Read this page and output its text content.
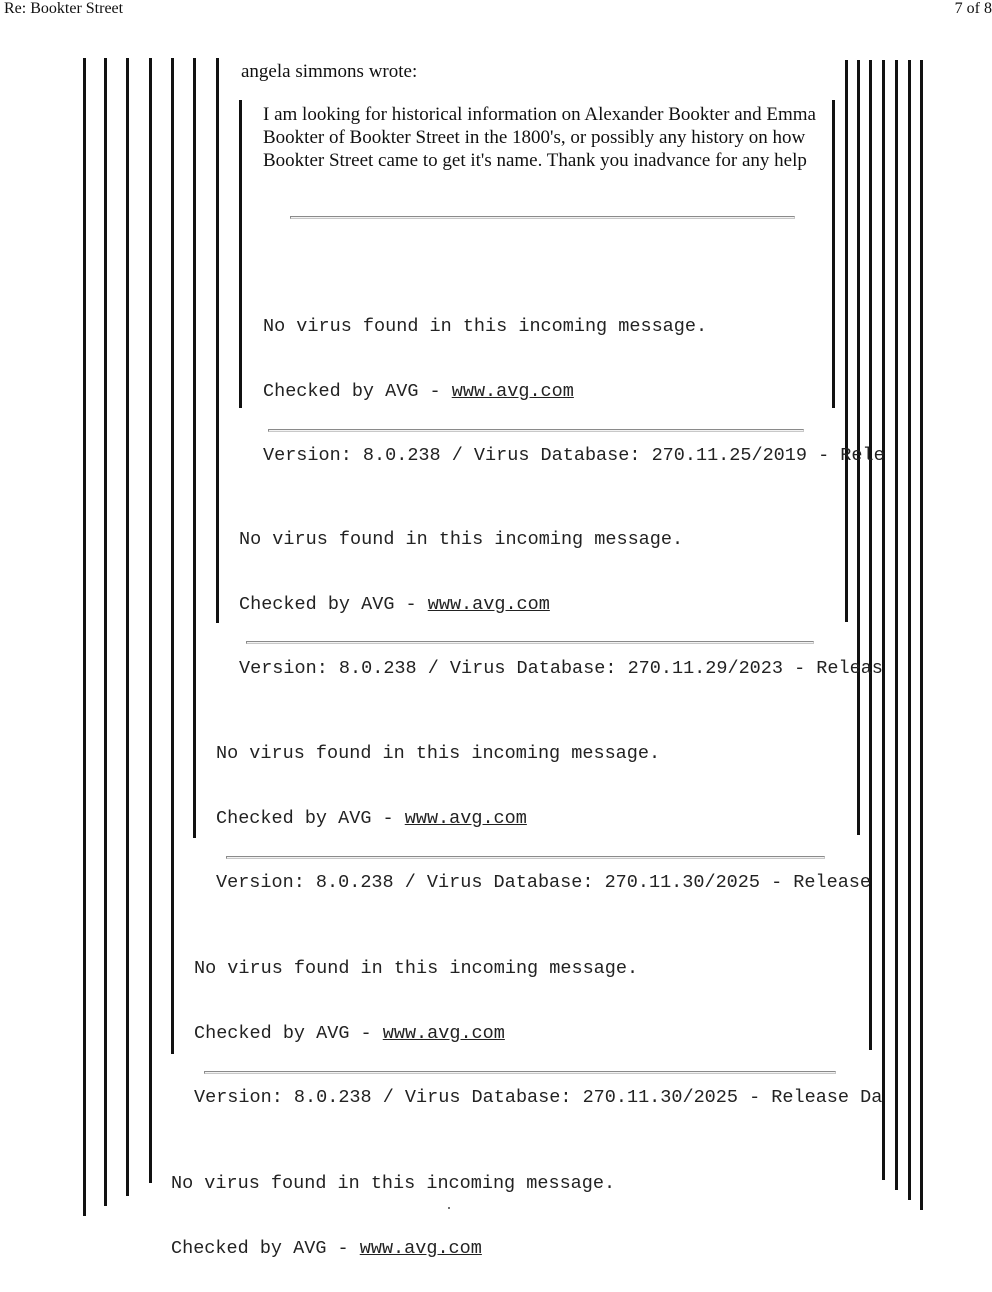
Re: Bookter Street	7 of 8
angela simmons wrote:
I am looking for historical information on Alexander Bookter and Emma Bookter of Bookter Street in the 1800's, or possibly any history on how Bookter Street came to get it's name. Thank you inadvance for any help

No virus found in this incoming message.

Checked by AVG - www.avg.com

Version: 8.0.238 / Virus Database: 270.11.25/2019 - Rele

No virus found in this incoming message.

Checked by AVG - www.avg.com

Version: 8.0.238 / Virus Database: 270.11.29/2023 - Releas

No virus found in this incoming message.

Checked by AVG - www.avg.com

Version: 8.0.238 / Virus Database: 270.11.30/2025 - Release

No virus found in this incoming message.

Checked by AVG - www.avg.com

Version: 8.0.238 / Virus Database: 270.11.30/2025 - Release Da

No virus found in this incoming message.

Checked by AVG - www.avg.com
